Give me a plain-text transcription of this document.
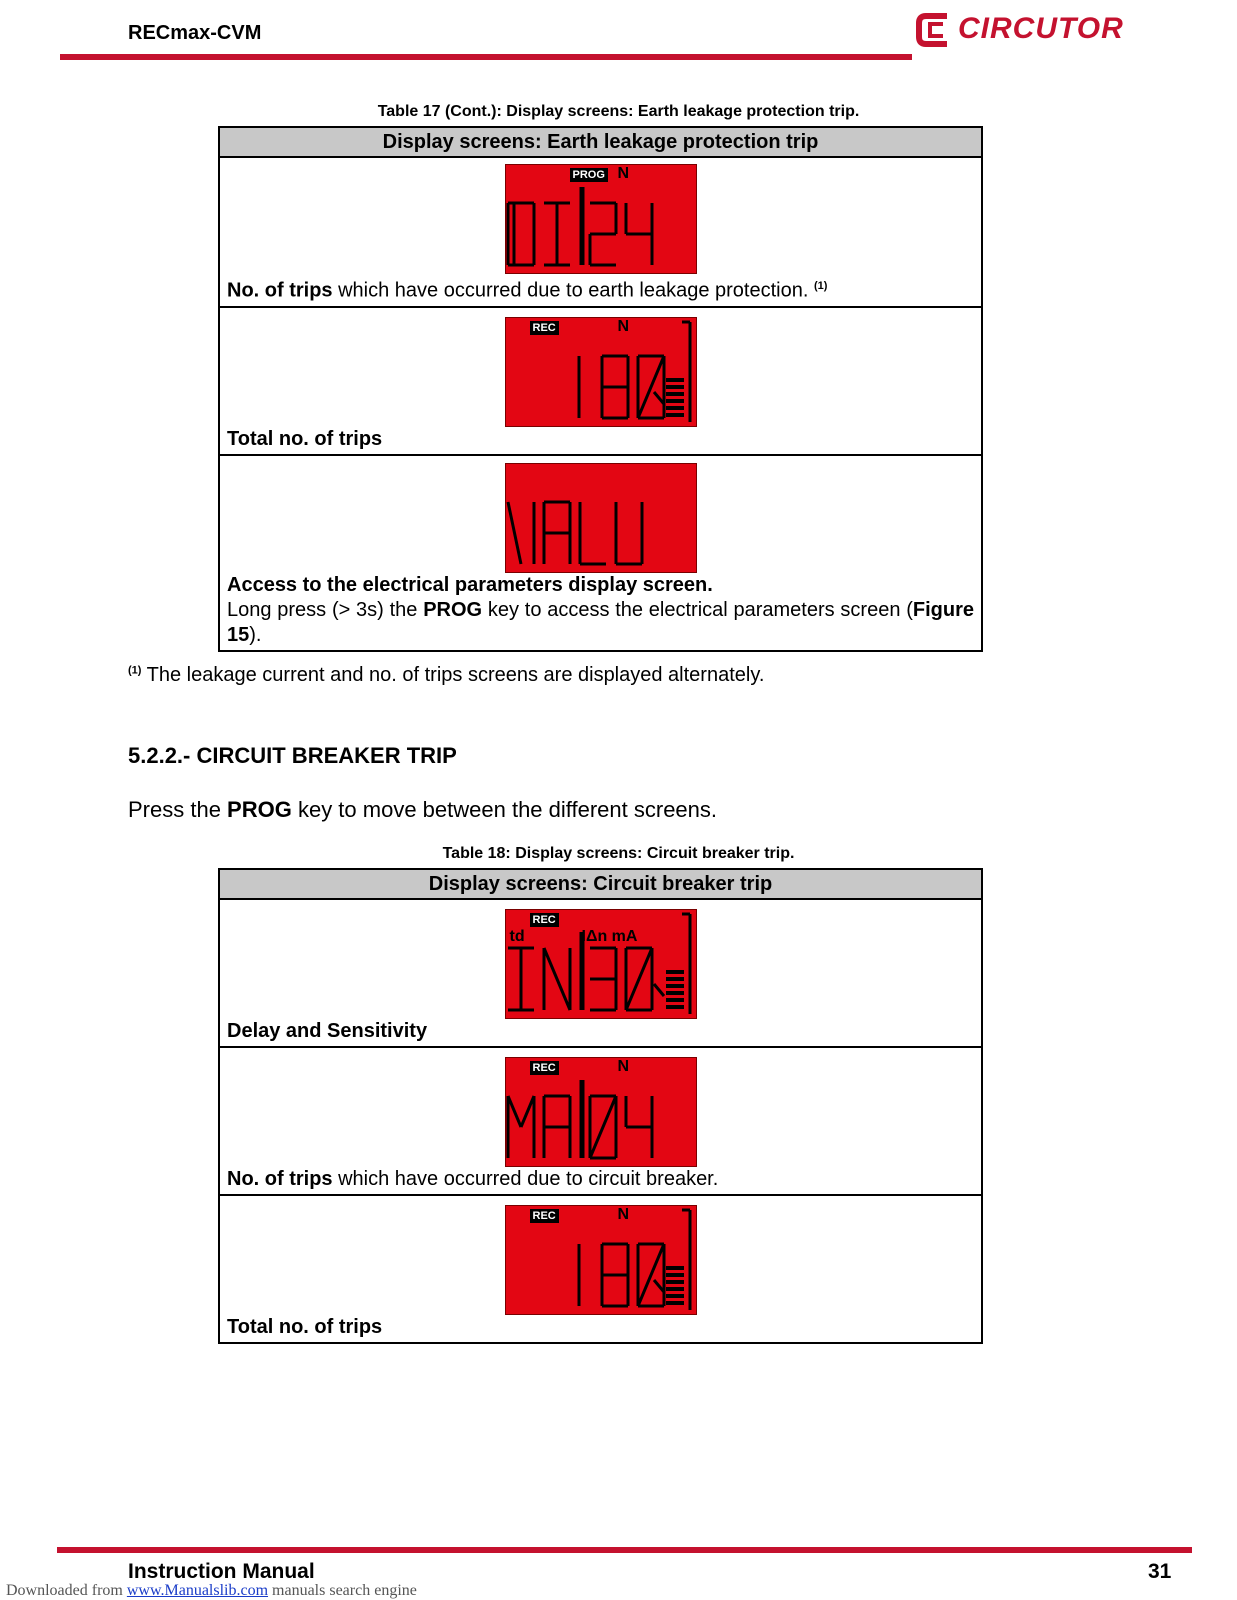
RECmax-CVM	CIRCUTOR
Table 17 (Cont.): Display screens: Earth leakage protection trip.
Display screens: Earth leakage protection trip

PROG N
No. of trips which have occurred due to earth leakage protection. $^{(1)}$

REC	N
Total no. of trips

Access to the electrical parameters display screen.
Long press (> 3s) the PROG key to access the electrical parameters screen (Figure 15).
$^{(1)}$ The leakage current and no. of trips screens are displayed alternately.
5.2.2.- CIRCUIT BREAKER TRIP
Press the PROG key to move between the different screens.
Table 18: Display screens: Circuit breaker trip.
Display screens: Circuit breaker trip

REC
td	IΔn mA
Delay and Sensitivity

REC	N
No. of trips which have occurred due to circuit breaker.

REC	N
Total no. of trips
Instruction Manual	31
Downloaded from www.Manualslib.com manuals search engine
